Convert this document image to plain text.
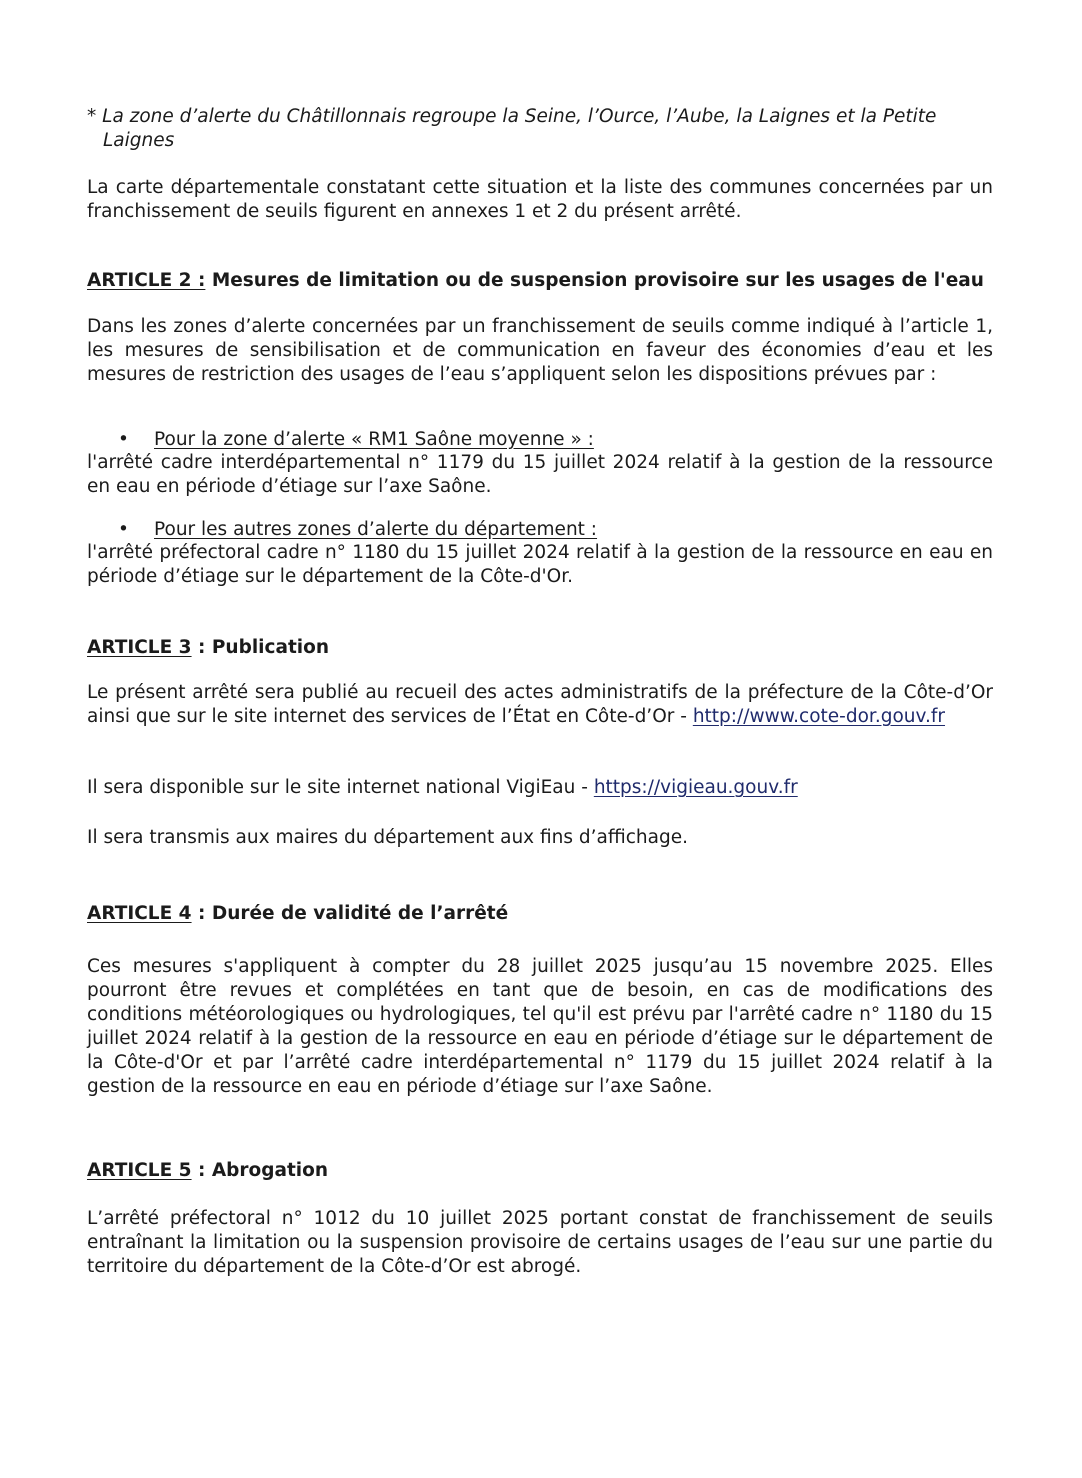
* La zone d’alerte du Châtillonnais regroupe la Seine, l’Ource, l’Aube, la Laignes et la Petite Laignes

La carte départementale constatant cette situation et la liste des communes concernées par un franchissement de seuils figurent en annexes 1 et 2 du présent arrêté.

ARTICLE 2 : Mesures de limitation ou de suspension provisoire sur les usages de l'eau

Dans les zones d’alerte concernées par un franchissement de seuils comme indiqué à l’article 1, les mesures de sensibilisation et de communication en faveur des économies d’eau et les mesures de restriction des usages de l’eau s’appliquent selon les dispositions prévues par :

• Pour la zone d’alerte « RM1 Saône moyenne » :

l'arrêté cadre interdépartemental n° 1179 du 15 juillet 2024 relatif à la gestion de la ressource en eau en période d’étiage sur l’axe Saône.

• Pour les autres zones d’alerte du département :

l'arrêté préfectoral cadre n° 1180 du 15 juillet 2024 relatif à la gestion de la ressource en eau en période d’étiage sur le département de la Côte-d'Or.

ARTICLE 3 : Publication

Le présent arrêté sera publié au recueil des actes administratifs de la préfecture de la Côte-d’Or ainsi que sur le site internet des services de l’État en Côte-d’Or - http://www.cote-dor.gouv.fr

Il sera disponible sur le site internet national VigiEau - https://vigieau.gouv.fr

Il sera transmis aux maires du département aux fins d’affichage.

ARTICLE 4 : Durée de validité de l’arrêté

Ces mesures s'appliquent à compter du 28 juillet 2025 jusqu’au 15 novembre 2025. Elles pourront être revues et complétées en tant que de besoin, en cas de modifications des conditions météorologiques ou hydrologiques, tel qu'il est prévu par l'arrêté cadre n° 1180 du 15 juillet 2024 relatif à la gestion de la ressource en eau en période d’étiage sur le département de la Côte-d'Or et par l’arrêté cadre interdépartemental n° 1179 du 15 juillet 2024 relatif à la gestion de la ressource en eau en période d’étiage sur l’axe Saône.

ARTICLE 5 : Abrogation

L’arrêté préfectoral n° 1012 du 10 juillet 2025 portant constat de franchissement de seuils entraînant la limitation ou la suspension provisoire de certains usages de l’eau sur une partie du territoire du département de la Côte-d’Or est abrogé.
